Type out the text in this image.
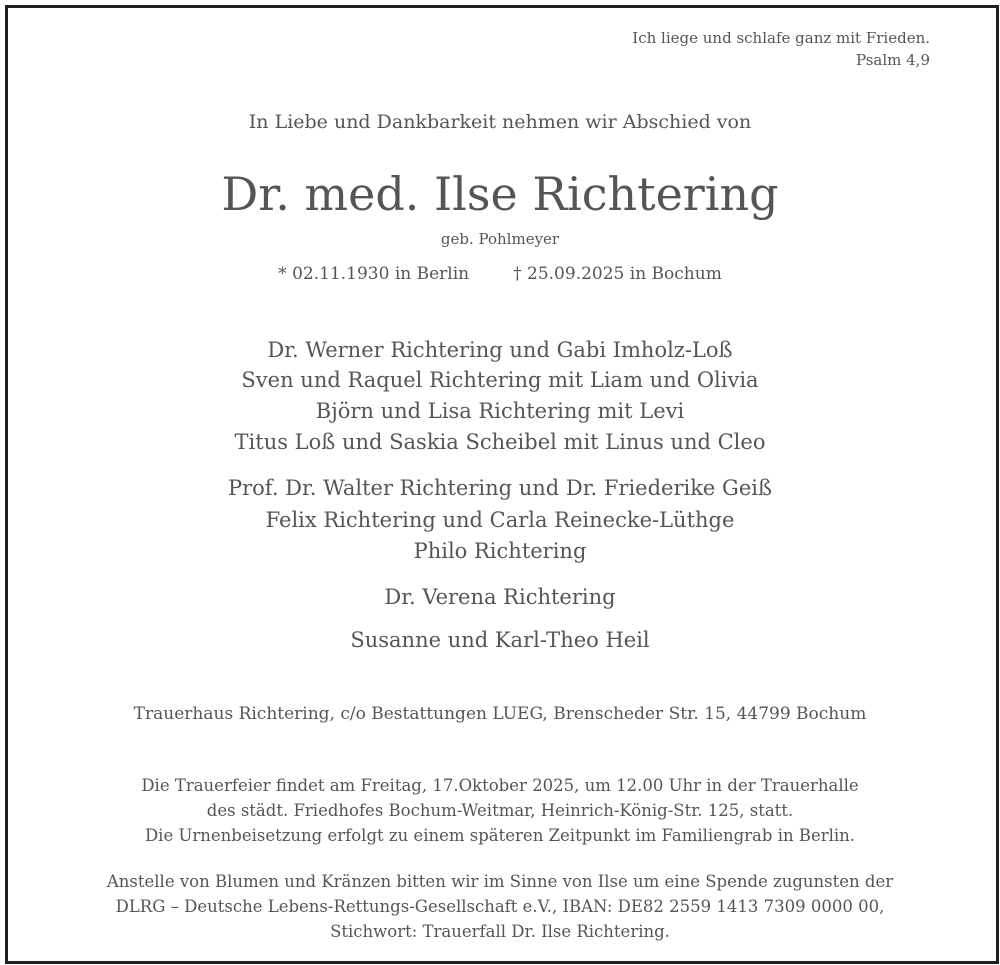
Ich liege und schlafe ganz mit Frieden.
Psalm 4,9
In Liebe und Dankbarkeit nehmen wir Abschied von
Dr. med. Ilse Richtering
geb. Pohlmeyer
* 02.11.1930 in Berlin	† 25.09.2025 in Bochum
Dr. Werner Richtering und Gabi Imholz-Loß
Sven und Raquel Richtering mit Liam und Olivia
Björn und Lisa Richtering mit Levi
Titus Loß und Saskia Scheibel mit Linus und Cleo
Prof. Dr. Walter Richtering und Dr. Friederike Geiß
Felix Richtering und Carla Reinecke-Lüthge
Philo Richtering
Dr. Verena Richtering
Susanne und Karl-Theo Heil
Trauerhaus Richtering, c/o Bestattungen LUEG, Brenscheder Str. 15, 44799 Bochum
Die Trauerfeier findet am Freitag, 17.Oktober 2025, um 12.00 Uhr in der Trauerhalle
des städt. Friedhofes Bochum-Weitmar, Heinrich-König-Str. 125, statt.
Die Urnenbeisetzung erfolgt zu einem späteren Zeitpunkt im Familiengrab in Berlin.
Anstelle von Blumen und Kränzen bitten wir im Sinne von Ilse um eine Spende zugunsten der
DLRG – Deutsche Lebens-Rettungs-Gesellschaft e.V., IBAN: DE82 2559 1413 7309 0000 00,
Stichwort: Trauerfall Dr. Ilse Richtering.
